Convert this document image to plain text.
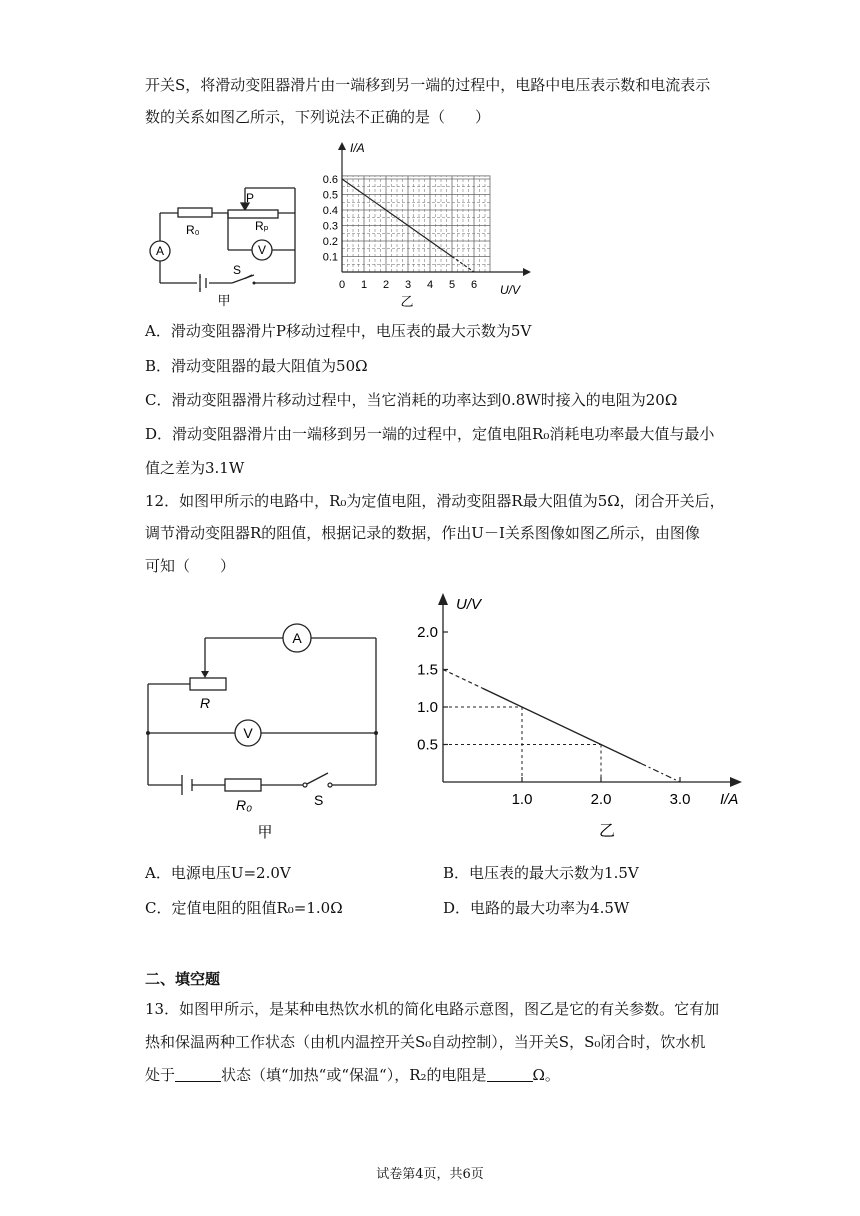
开关S，将滑动变阻器滑片由一端移到另一端的过程中，电路中电压表示数和电流表示
数的关系如图乙所示，下列说法不正确的是（　　）
A	V
R₀	Rₚ
P
S
甲
0.6
0.5
0.4
0.3
0.2
0.1
0 1 2 3 4 5 6
I/A
U/V
乙
A．滑动变阻器滑片P移动过程中，电压表的最大示数为5V
B．滑动变阻器的最大阻值为50Ω
C．滑动变阻器滑片移动过程中，当它消耗的功率达到0.8W时接入的电阻为20Ω
D．滑动变阻器滑片由一端移到另一端的过程中，定值电阻R₀消耗电功率最大值与最小
值之差为3.1W
12．如图甲所示的电路中，R₀为定值电阻，滑动变阻器R最大阻值为5Ω，闭合开关后，
调节滑动变阻器R的阻值，根据记录的数据，作出U－I关系图像如图乙所示，由图像
可知（　　）
A
V
R
R₀	S
甲
2.0
1.5
1.0
0.5
1.0	2.0	3.0
U/V
I/A
乙
A．电源电压U=2.0V	B．电压表的最大示数为1.5V
C．定值电阻的阻值R₀=1.0Ω	D．电路的最大功率为4.5W
二、填空题
13．如图甲所示，是某种电热饮水机的简化电路示意图，图乙是它的有关参数。它有加
热和保温两种工作状态（由机内温控开关S₀自动控制），当开关S，S₀闭合时，饮水机
处于	状态（填“加热“或“保温“），R₂的电阻是	Ω。
试卷第4页，共6页
